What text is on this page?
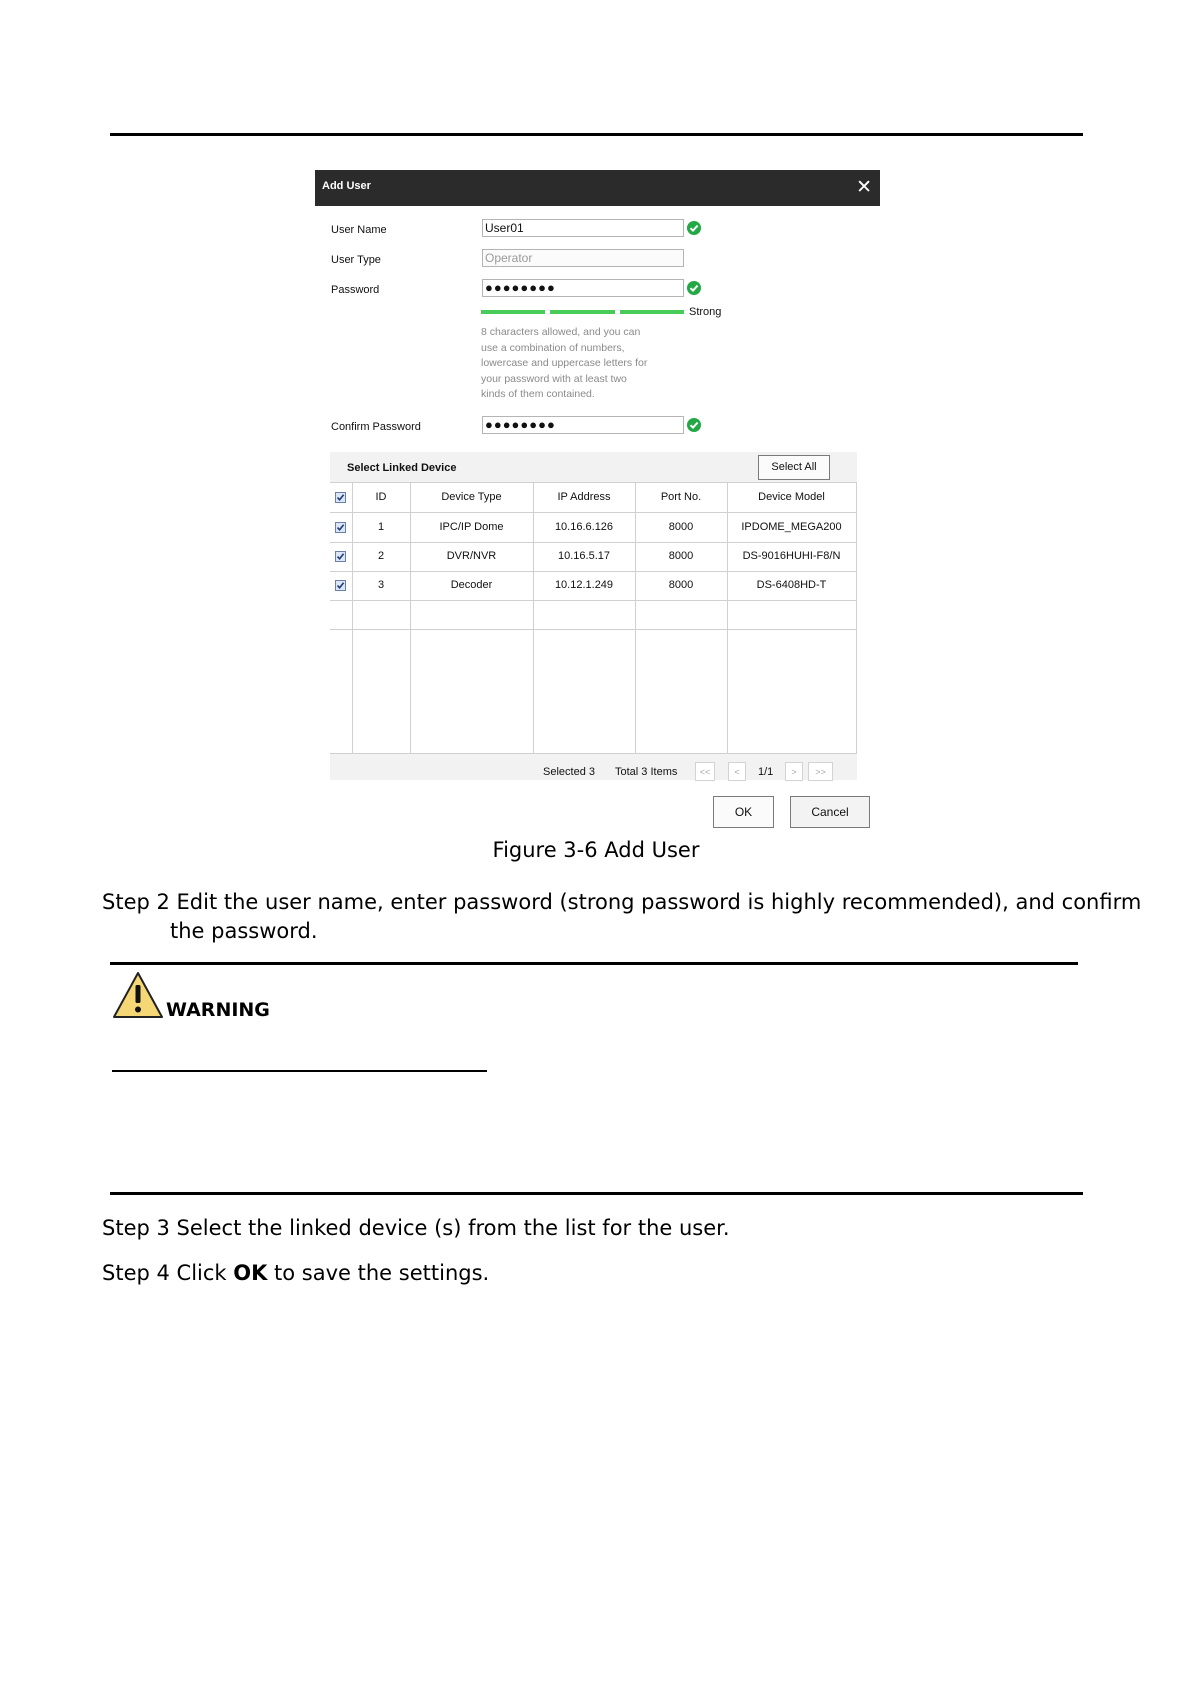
Add User	✕
User Name	User01
User Type	Operator
Password	●●●●●●●●
Strong
8 characters allowed, and you can
use a combination of numbers,
lowercase and uppercase letters for
your password with at least two
kinds of them contained.
Confirm Password	●●●●●●●●
Select Linked Device	Select All
ID	Device Type	IP Address	Port No.	Device Model
1	IPC/IP Dome	10.16.6.126	8000	IPDOME_MEGA200
2	DVR/NVR	10.16.5.17	8000	DS-9016HUHI-F8/N
3	Decoder	10.12.1.249	8000	DS-6408HD-T
Selected 3 Total 3 Items	<<	<	1/1	>	>>
OK	Cancel
Figure 3-6 Add User
Step 2 Edit the user name, enter password (strong password is highly recommended), and confirm
the password.
WARNING
Step 3 Select the linked device (s) from the list for the user.
Step 4 Click OK to save the settings.
